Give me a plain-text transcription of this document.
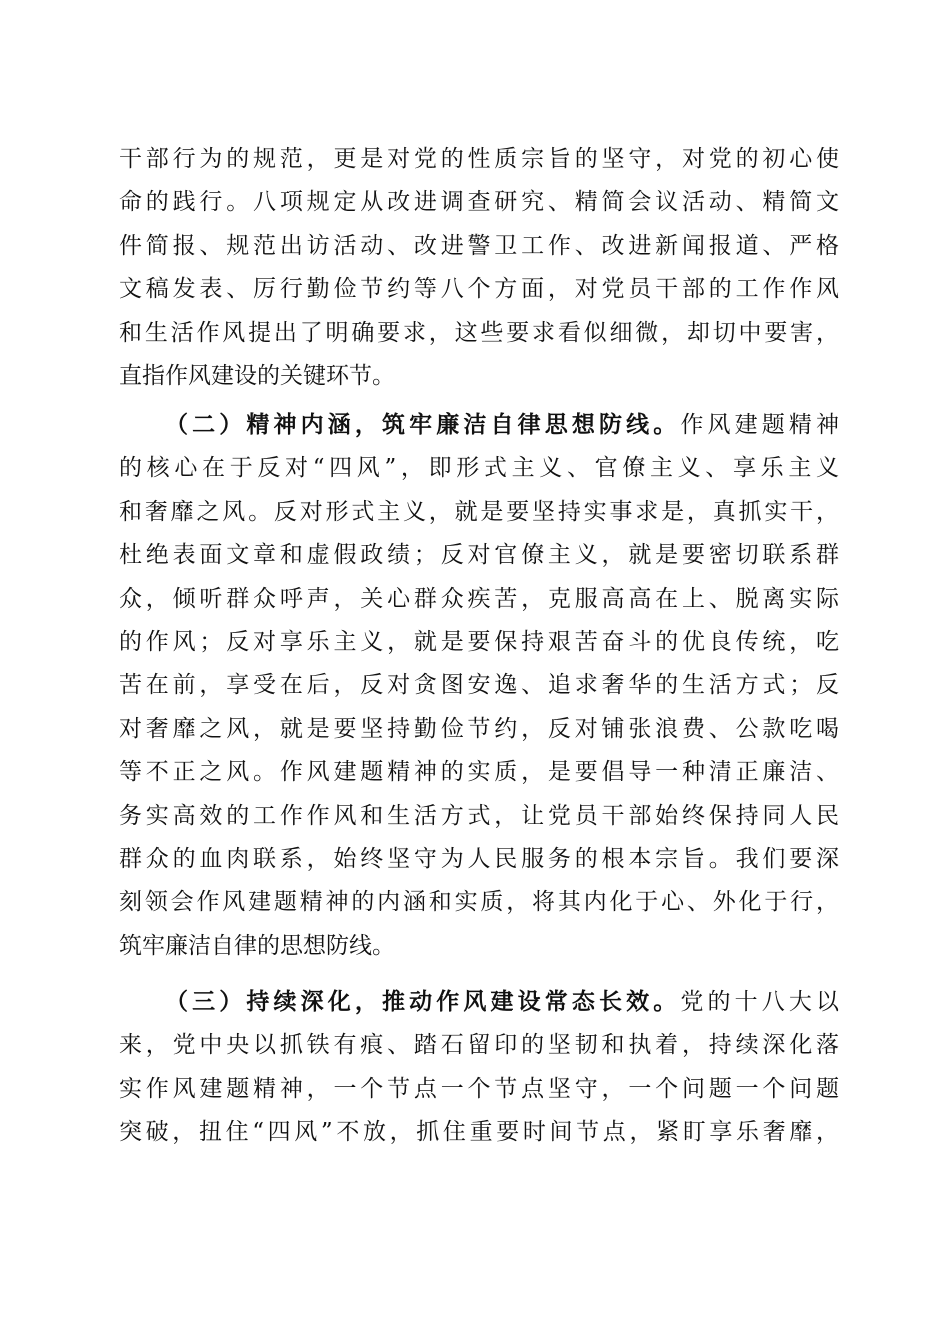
干部行为的规范，更是对党的性质宗旨的坚守，对党的初心使
命的践行。八项规定从改进调查研究、精简会议活动、精简文
件简报、规范出访活动、改进警卫工作、改进新闻报道、严格
文稿发表、厉行勤俭节约等八个方面，对党员干部的工作作风
和生活作风提出了明确要求，这些要求看似细微，却切中要害，
直指作风建设的关键环节。
（二）精神内涵，筑牢廉洁自律思想防线。作风建题精神
的核心在于反对“四风”，即形式主义、官僚主义、享乐主义
和奢靡之风。反对形式主义，就是要坚持实事求是，真抓实干，
杜绝表面文章和虚假政绩；反对官僚主义，就是要密切联系群
众，倾听群众呼声，关心群众疾苦，克服高高在上、脱离实际
的作风；反对享乐主义，就是要保持艰苦奋斗的优良传统，吃
苦在前，享受在后，反对贪图安逸、追求奢华的生活方式；反
对奢靡之风，就是要坚持勤俭节约，反对铺张浪费、公款吃喝
等不正之风。作风建题精神的实质，是要倡导一种清正廉洁、
务实高效的工作作风和生活方式，让党员干部始终保持同人民
群众的血肉联系，始终坚守为人民服务的根本宗旨。我们要深
刻领会作风建题精神的内涵和实质，将其内化于心、外化于行，
筑牢廉洁自律的思想防线。
（三）持续深化，推动作风建设常态长效。党的十八大以
来，党中央以抓铁有痕、踏石留印的坚韧和执着，持续深化落
实作风建题精神，一个节点一个节点坚守，一个问题一个问题
突破，扭住“四风”不放，抓住重要时间节点，紧盯享乐奢靡，
